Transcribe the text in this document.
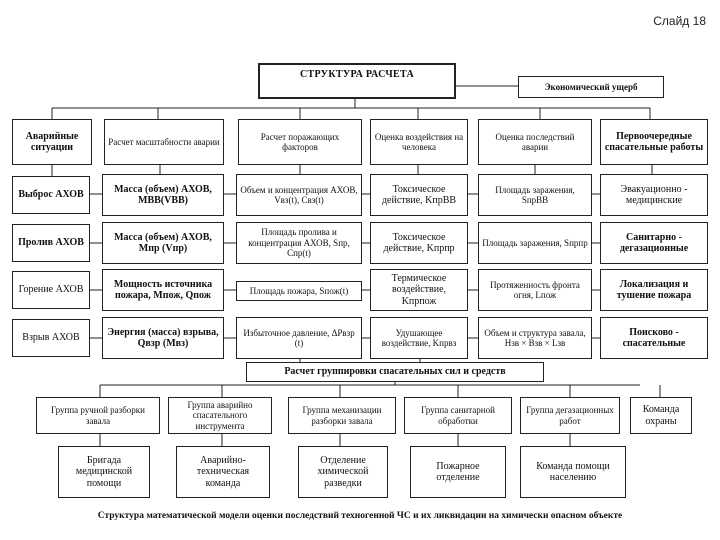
Слайд 18
СТРУКТУРА РАСЧЕТА
Экономический ущерб
Аварийные ситуации
Расчет масштабности аварии
Расчет поражающих факторов
Оценка воздействия на человека
Оценка последствий аварии
Первоочередные спасательные работы
Выброс АХОВ
Масса (объем) АХОВ, MВВ(VВВ)
Объем и концентрация АХОВ, Vвз(t), Cвз(t)
Токсическое действие, KпрВВ
Площадь заражения, SпрВВ
Эвакуационно - медицинские
Пролив АХОВ
Масса (объем) АХОВ, Mпр (Vпр)
Площадь пролива и концентрация АХОВ, Sпр, Cпр(t)
Токсическое действие, Kпрпр
Площадь заражения, Sпрпр
Санитарно - дегазационные
Горение АХОВ
Мощность источника пожара, Mпож, Qпож	Площадь пожара, Sпож(t)
Термическое воздействие, Kпрпож
Протяженность фронта огня, Lпож
Локализация и тушение пожара
Взрыв АХОВ
Энергия (масса) взрыва, Qвзр (Mвз)
Избыточное давление, ΔPвзр (t)
Удушающее воздействие, Kпрвз
Объем и структура завала, Hзв × Bзв × Lзв
Поисково - спасательные
Расчет группировки спасательных сил и средств
Группа ручной разборки завала
Группа аварийно спасательного инструмента
Группа механизации разборки завала
Группа санитарной обработки
Группа дегазационных работ
Команда охраны
Бригада медицинской помощи
Аварийно-техническая команда
Отделение химической разведки
Пожарное отделение
Команда помощи населению
Структура математической модели оценки последствий техногенной ЧС и их ликвидации на химически опасном объекте
